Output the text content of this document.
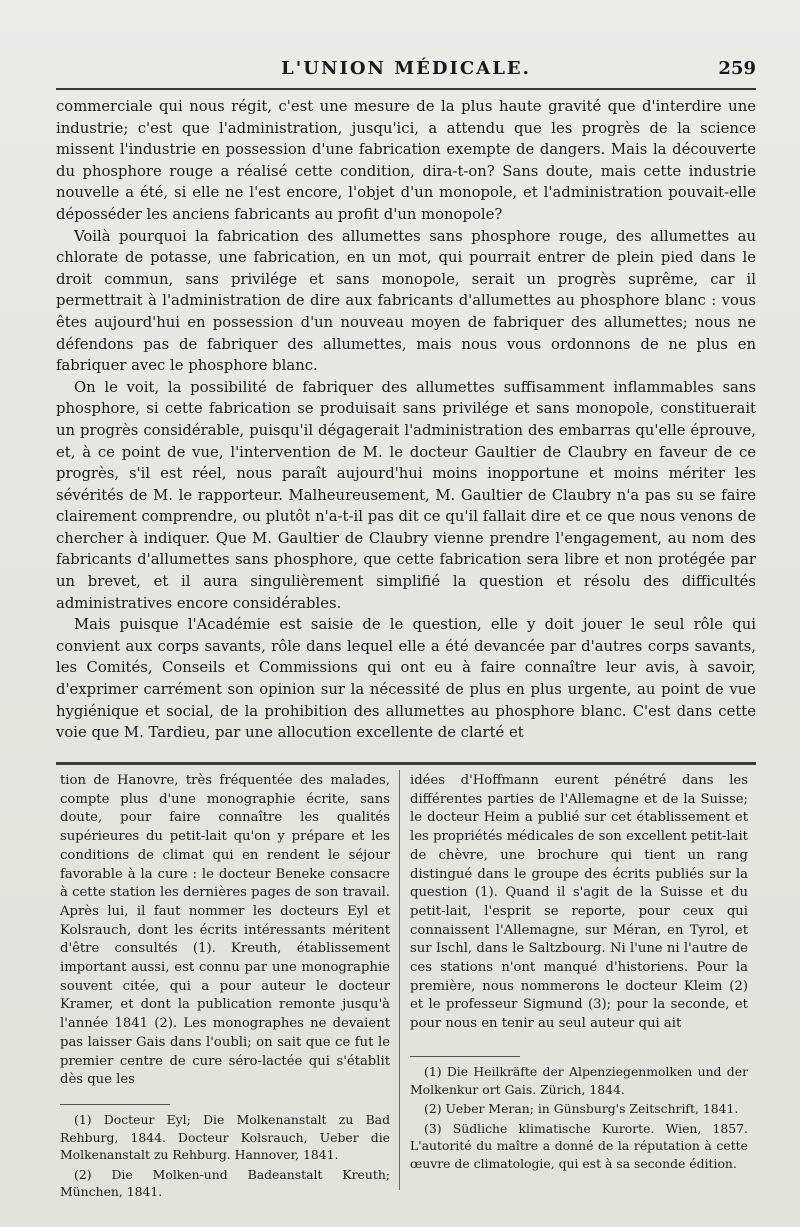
L'UNION MÉDICALE.	259

commerciale qui nous régit, c'est une mesure de la plus haute gravité que d'interdire une industrie; c'est que l'administration, jusqu'ici, a attendu que les progrès de la science missent l'industrie en possession d'une fabrication exempte de dangers. Mais la découverte du phosphore rouge a réalisé cette condition, dira-t-on? Sans doute, mais cette industrie nouvelle a été, si elle ne l'est encore, l'objet d'un monopole, et l'administration pouvait-elle déposséder les anciens fabricants au profit d'un monopole?

Voilà pourquoi la fabrication des allumettes sans phosphore rouge, des allumettes au chlorate de potasse, une fabrication, en un mot, qui pourrait entrer de plein pied dans le droit commun, sans privilége et sans monopole, serait un progrès suprême, car il permettrait à l'administration de dire aux fabricants d'allumettes au phosphore blanc : vous êtes aujourd'hui en possession d'un nouveau moyen de fabriquer des allumettes; nous ne défendons pas de fabriquer des allumettes, mais nous vous ordonnons de ne plus en fabriquer avec le phosphore blanc.

On le voit, la possibilité de fabriquer des allumettes suffisamment inflammables sans phosphore, si cette fabrication se produisait sans privilége et sans monopole, constituerait un progrès considérable, puisqu'il dégagerait l'administration des embarras qu'elle éprouve, et, à ce point de vue, l'intervention de M. le docteur Gaultier de Claubry en faveur de ce progrès, s'il est réel, nous paraît aujourd'hui moins inopportune et moins mériter les sévérités de M. le rapporteur. Malheureusement, M. Gaultier de Claubry n'a pas su se faire clairement comprendre, ou plutôt n'a-t-il pas dit ce qu'il fallait dire et ce que nous venons de chercher à indiquer. Que M. Gaultier de Claubry vienne prendre l'engagement, au nom des fabricants d'allumettes sans phosphore, que cette fabrication sera libre et non protégée par un brevet, et il aura singulièrement simplifié la question et résolu des difficultés administratives encore considérables.

Mais puisque l'Académie est saisie de le question, elle y doit jouer le seul rôle qui convient aux corps savants, rôle dans lequel elle a été devancée par d'autres corps savants, les Comités, Conseils et Commissions qui ont eu à faire connaître leur avis, à savoir, d'exprimer carrément son opinion sur la nécessité de plus en plus urgente, au point de vue hygiénique et social, de la prohibition des allumettes au phosphore blanc. C'est dans cette voie que M. Tardieu, par une allocution excellente de clarté et

tion de Hanovre, très fréquentée des malades, compte plus d'une monographie écrite, sans doute, pour faire connaître les qualités supérieures du petit-lait qu'on y prépare et les conditions de climat qui en rendent le séjour favorable à la cure : le docteur Beneke consacre à cette station les dernières pages de son travail. Après lui, il faut nommer les docteurs Eyl et Kolsrauch, dont les écrits intéressants méritent d'être consultés (1). Kreuth, établissement important aussi, est connu par une monographie souvent citée, qui a pour auteur le docteur Kramer, et dont la publication remonte jusqu'à l'année 1841 (2). Les monographes ne devaient pas laisser Gais dans l'oubli; on sait que ce fut le premier centre de cure séro-lactée qui s'établit dès que les

idées d'Hoffmann eurent pénétré dans les différentes parties de l'Allemagne et de la Suisse; le docteur Heim a publié sur cet établissement et les propriétés médicales de son excellent petit-lait de chèvre, une brochure qui tient un rang distingué dans le groupe des écrits publiés sur la question (1). Quand il s'agit de la Suisse et du petit-lait, l'esprit se reporte, pour ceux qui connaissent l'Allemagne, sur Méran, en Tyrol, et sur Ischl, dans le Saltzbourg. Ni l'une ni l'autre de ces stations n'ont manqué d'historiens. Pour la première, nous nommerons le docteur Kleim (2) et le professeur Sigmund (3); pour la seconde, et pour nous en tenir au seul auteur qui ait

(1) Docteur Eyl; Die Molkenanstalt zu Bad Rehburg, 1844. Docteur Kolsrauch, Ueber die Molkenanstalt zu Rehburg. Hannover, 1841.

(2) Die Molken-und Badeanstalt Kreuth; München, 1841.

(1) Die Heilkräfte der Alpenziegenmolken und der Molkenkur ort Gais. Zürich, 1844.

(2) Ueber Meran; in Günsburg's Zeitschrift, 1841.

(3) Südliche klimatische Kurorte. Wien, 1857. L'autorité du maître a donné de la réputation à cette œuvre de climatologie, qui est à sa seconde édition.
